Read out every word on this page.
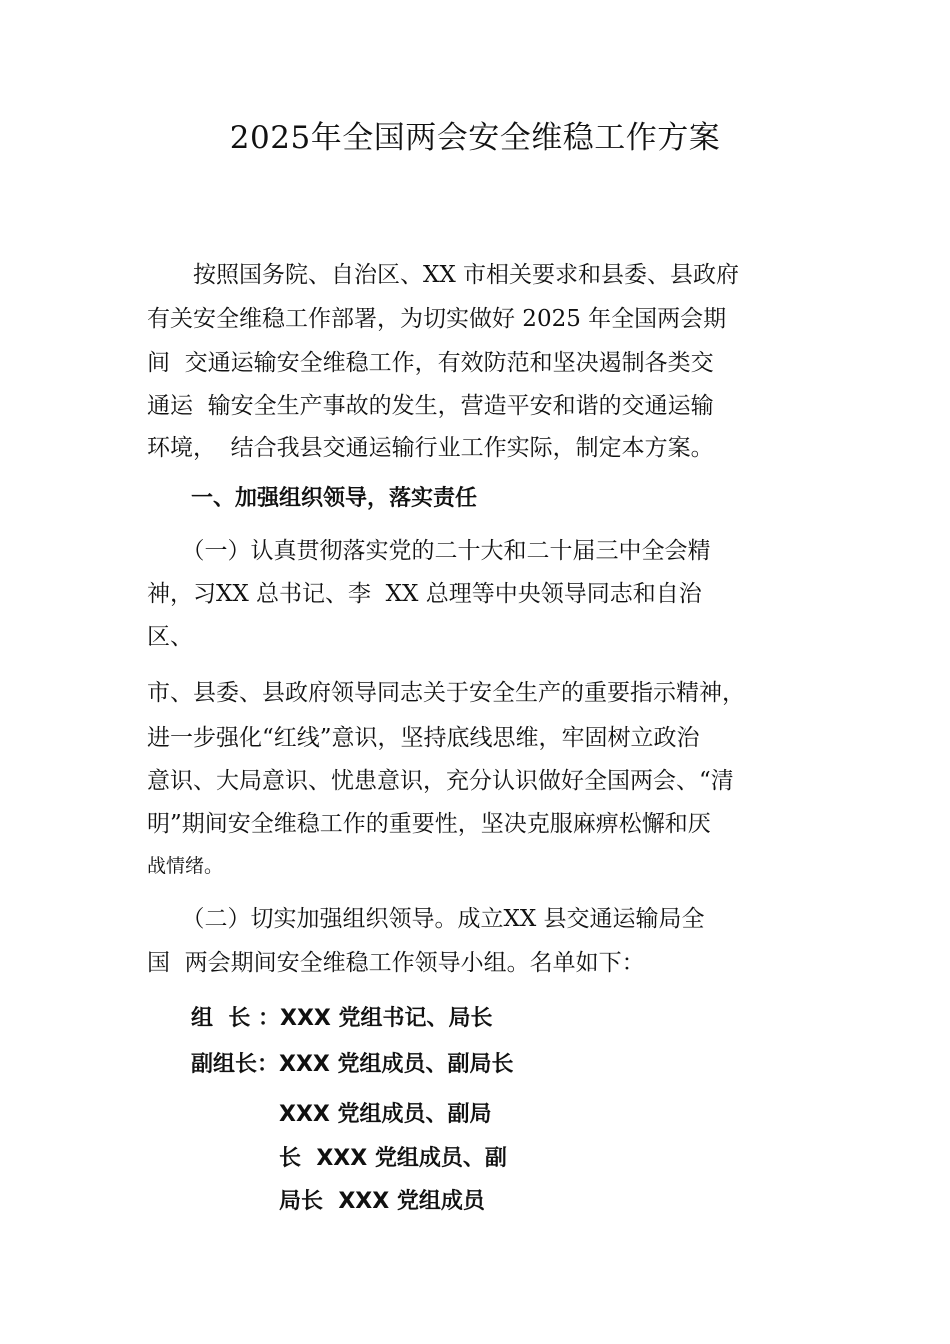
2025年全国两会安全维稳工作方案

　　按照国务院、自治区、XX 市相关要求和县委、县政府

有关安全维稳工作部署，为切实做好 2025 年全国两会期

间  交通运输安全维稳工作，有效防范和坚决遏制各类交

通运  输安全生产事故的发生，营造平安和谐的交通运输

环境，  结合我县交通运输行业工作实际，制定本方案。

　　一、加强组织领导，落实责任

　　（一）认真贯彻落实党的二十大和二十届三中全会精

神，习XX 总书记、李  XX 总理等中央领导同志和自治

区、

市、县委、县政府领导同志关于安全生产的重要指示精神，

进一步强化“红线”意识，坚持底线思维，牢固树立政治

意识、大局意识、忧患意识，充分认识做好全国两会、“清

明”期间安全维稳工作的重要性，坚决克服麻痹松懈和厌

战情绪。

　　（二）切实加强组织领导。成立XX 县交通运输局全

国  两会期间安全维稳工作领导小组。名单如下：

　　组  长 ：XXX 党组书记、局长

　　副组长：XXX 党组成员、副局长

　　　　　　XXX 党组成员、副局

　　　　　　长  XXX 党组成员、副

　　　　　　局长  XXX 党组成员
